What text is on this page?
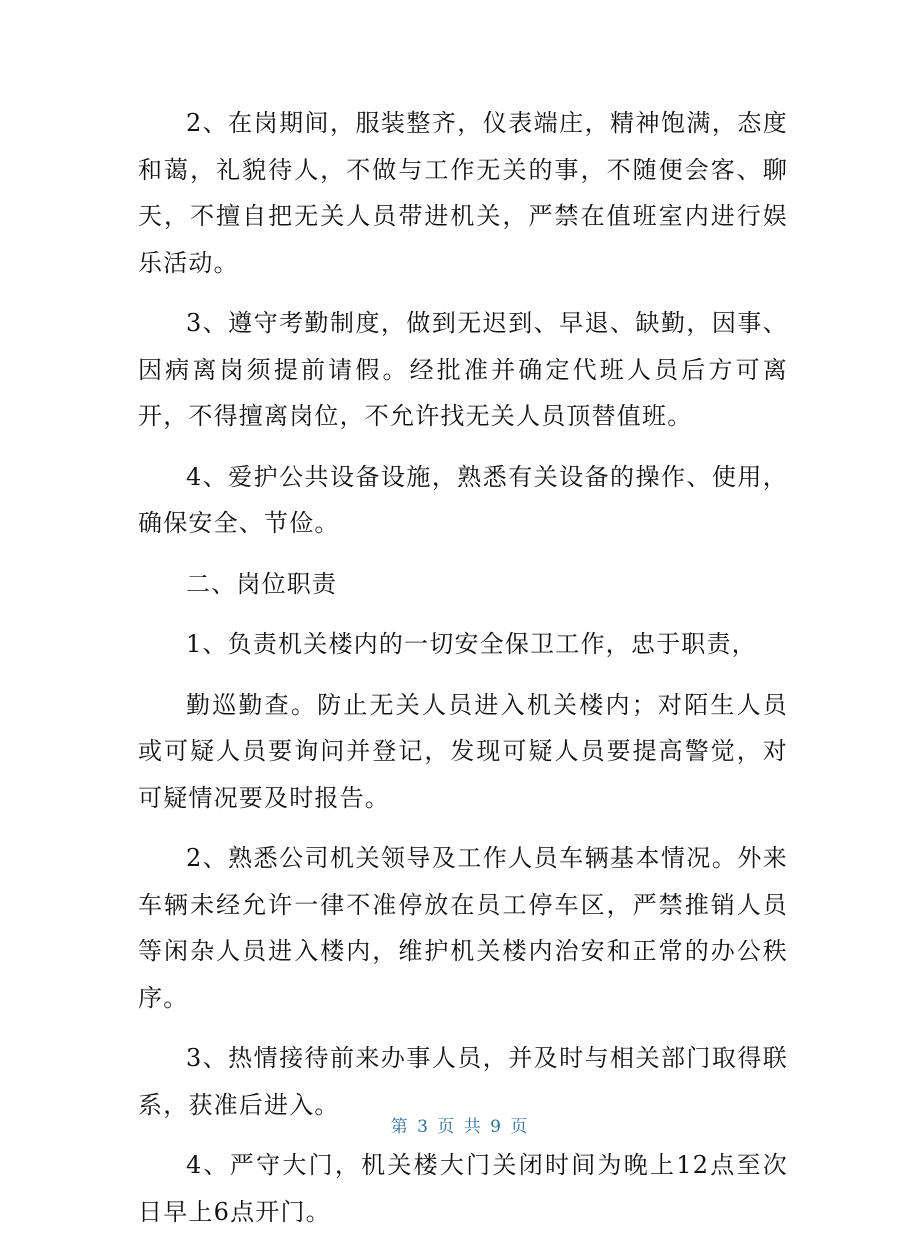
2、在岗期间，服装整齐，仪表端庄，精神饱满，态度和蔼，礼貌待人，不做与工作无关的事，不随便会客、聊天，不擅自把无关人员带进机关，严禁在值班室内进行娱乐活动。

3、遵守考勤制度，做到无迟到、早退、缺勤，因事、因病离岗须提前请假。经批准并确定代班人员后方可离开，不得擅离岗位，不允许找无关人员顶替值班。

4、爱护公共设备设施，熟悉有关设备的操作、使用，确保安全、节俭。

二、岗位职责

1、负责机关楼内的一切安全保卫工作，忠于职责，

勤巡勤查。防止无关人员进入机关楼内；对陌生人员或可疑人员要询问并登记，发现可疑人员要提高警觉，对可疑情况要及时报告。

2、熟悉公司机关领导及工作人员车辆基本情况。外来车辆未经允许一律不准停放在员工停车区，严禁推销人员等闲杂人员进入楼内，维护机关楼内治安和正常的办公秩序。

3、热情接待前来办事人员，并及时与相关部门取得联系，获准后进入。

4、严守大门，机关楼大门关闭时间为晚上12点至次日早上6点开门。

第 3 页 共 9 页
